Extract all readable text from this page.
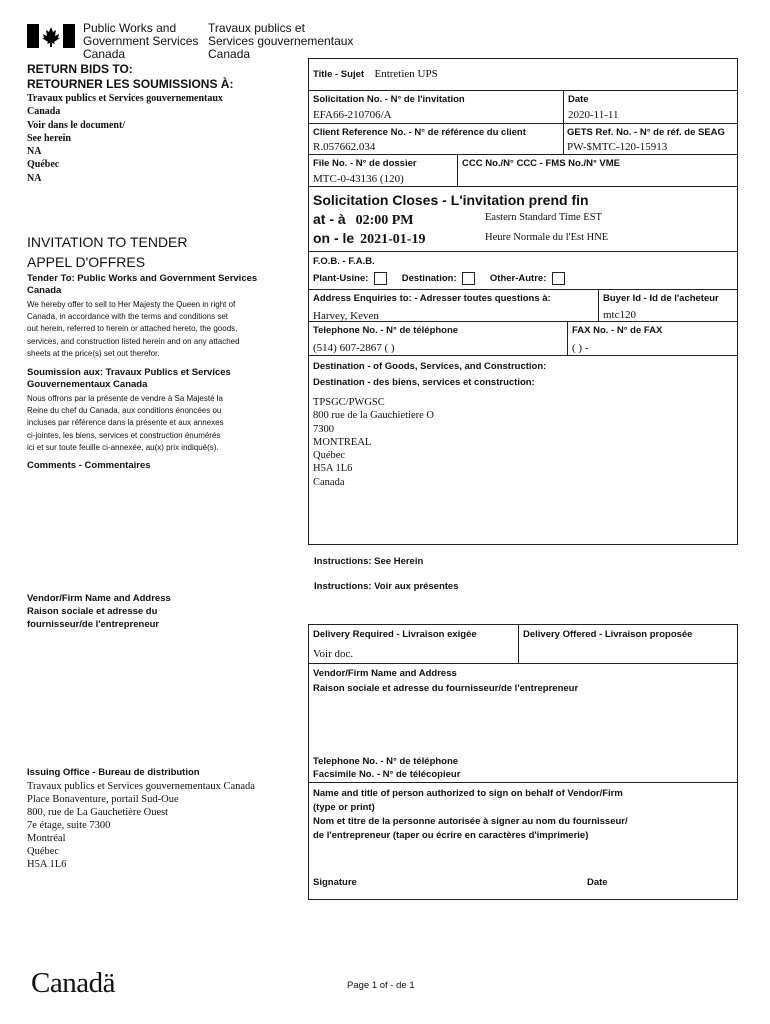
Public Works and
Government Services
Canada
Travaux publics et
Services gouvernementaux
Canada
RETURN BIDS TO:
RETOURNER LES SOUMISSIONS À:
Travaux publics et Services gouvernementaux
Canada
Voir dans le document/
See herein
NA
Québec
NA
INVITATION TO TENDER
APPEL D'OFFRES
Tender To: Public Works and Government Services
Canada
We hereby offer to sell to Her Majesty the Queen in right of
Canada, in accordance with the terms and conditions set
out herein, referred to herein or attached hereto, the goods,
services, and construction listed herein and on any attached
sheets at the price(s) set out therefor.
Soumission aux: Travaux Publics et Services
Gouvernementaux Canada
Nous offrons par la présente de vendre à Sa Majesté la
Reine du chef du Canada, aux conditions énoncées ou
incluses par référence dans la présente et aux annexes
ci-jointes, les biens, services et construction énumérés
ici et sur toute feuille ci-annexée, au(x) prix indiqué(s).
Comments - Commentaires
Vendor/Firm Name and Address
Raison sociale et adresse du
fournisseur/de l'entrepreneur
Issuing Office - Bureau de distribution
Travaux publics et Services gouvernementaux Canada
Place Bonaventure, portail Sud-Oue
800, rue de La Gauchetière Ouest
7e étage, suite 7300
Montréal
Québec
H5A 1L6
Title - Sujet Entretien UPS
Solicitation No. - N° de l'invitation
EFA66-210706/A
Date
2020-11-11
Client Reference No. - N° de référence du client
R.057662.034
GETS Ref. No. - N° de réf. de SEAG
PW-$MTC-120-15913
File No. - N° de dossier
MTC-0-43136 (120)
CCC No./N° CCC - FMS No./N° VME
Solicitation Closes - L'invitation prend fin
at - à 02:00 PM
on - le 2021-01-19
Eastern Standard Time EST
Heure Normale du l'Est HNE
F.O.B. - F.A.B.
Plant-Usine:	Destination:	Other-Autre:
Address Enquiries to: - Adresser toutes questions à:
Harvey, Keven
Buyer Id - Id de l'acheteur
mtc120
Telephone No. - N° de téléphone
(514) 607-2867 ( )
FAX No. - N° de FAX
( ) -
Destination - of Goods, Services, and Construction:
Destination - des biens, services et construction:
TPSGC/PWGSC
800 rue de la Gauchietiere O
7300
MONTREAL
Québec
H5A 1L6
Canada
Instructions: See Herein
Instructions: Voir aux présentes
Delivery Required - Livraison exigée
Voir doc.
Delivery Offered - Livraison proposée
Vendor/Firm Name and Address
Raison sociale et adresse du fournisseur/de l'entrepreneur
Telephone No. - N° de téléphone
Facsimile No. - N° de télécopieur
Name and title of person authorized to sign on behalf of Vendor/Firm
(type or print)
Nom et titre de la personne autorisée à signer au nom du fournisseur/
de l'entrepreneur (taper ou écrire en caractères d'imprimerie)
Signature	Date
Canadä	Page 1 of - de 1
